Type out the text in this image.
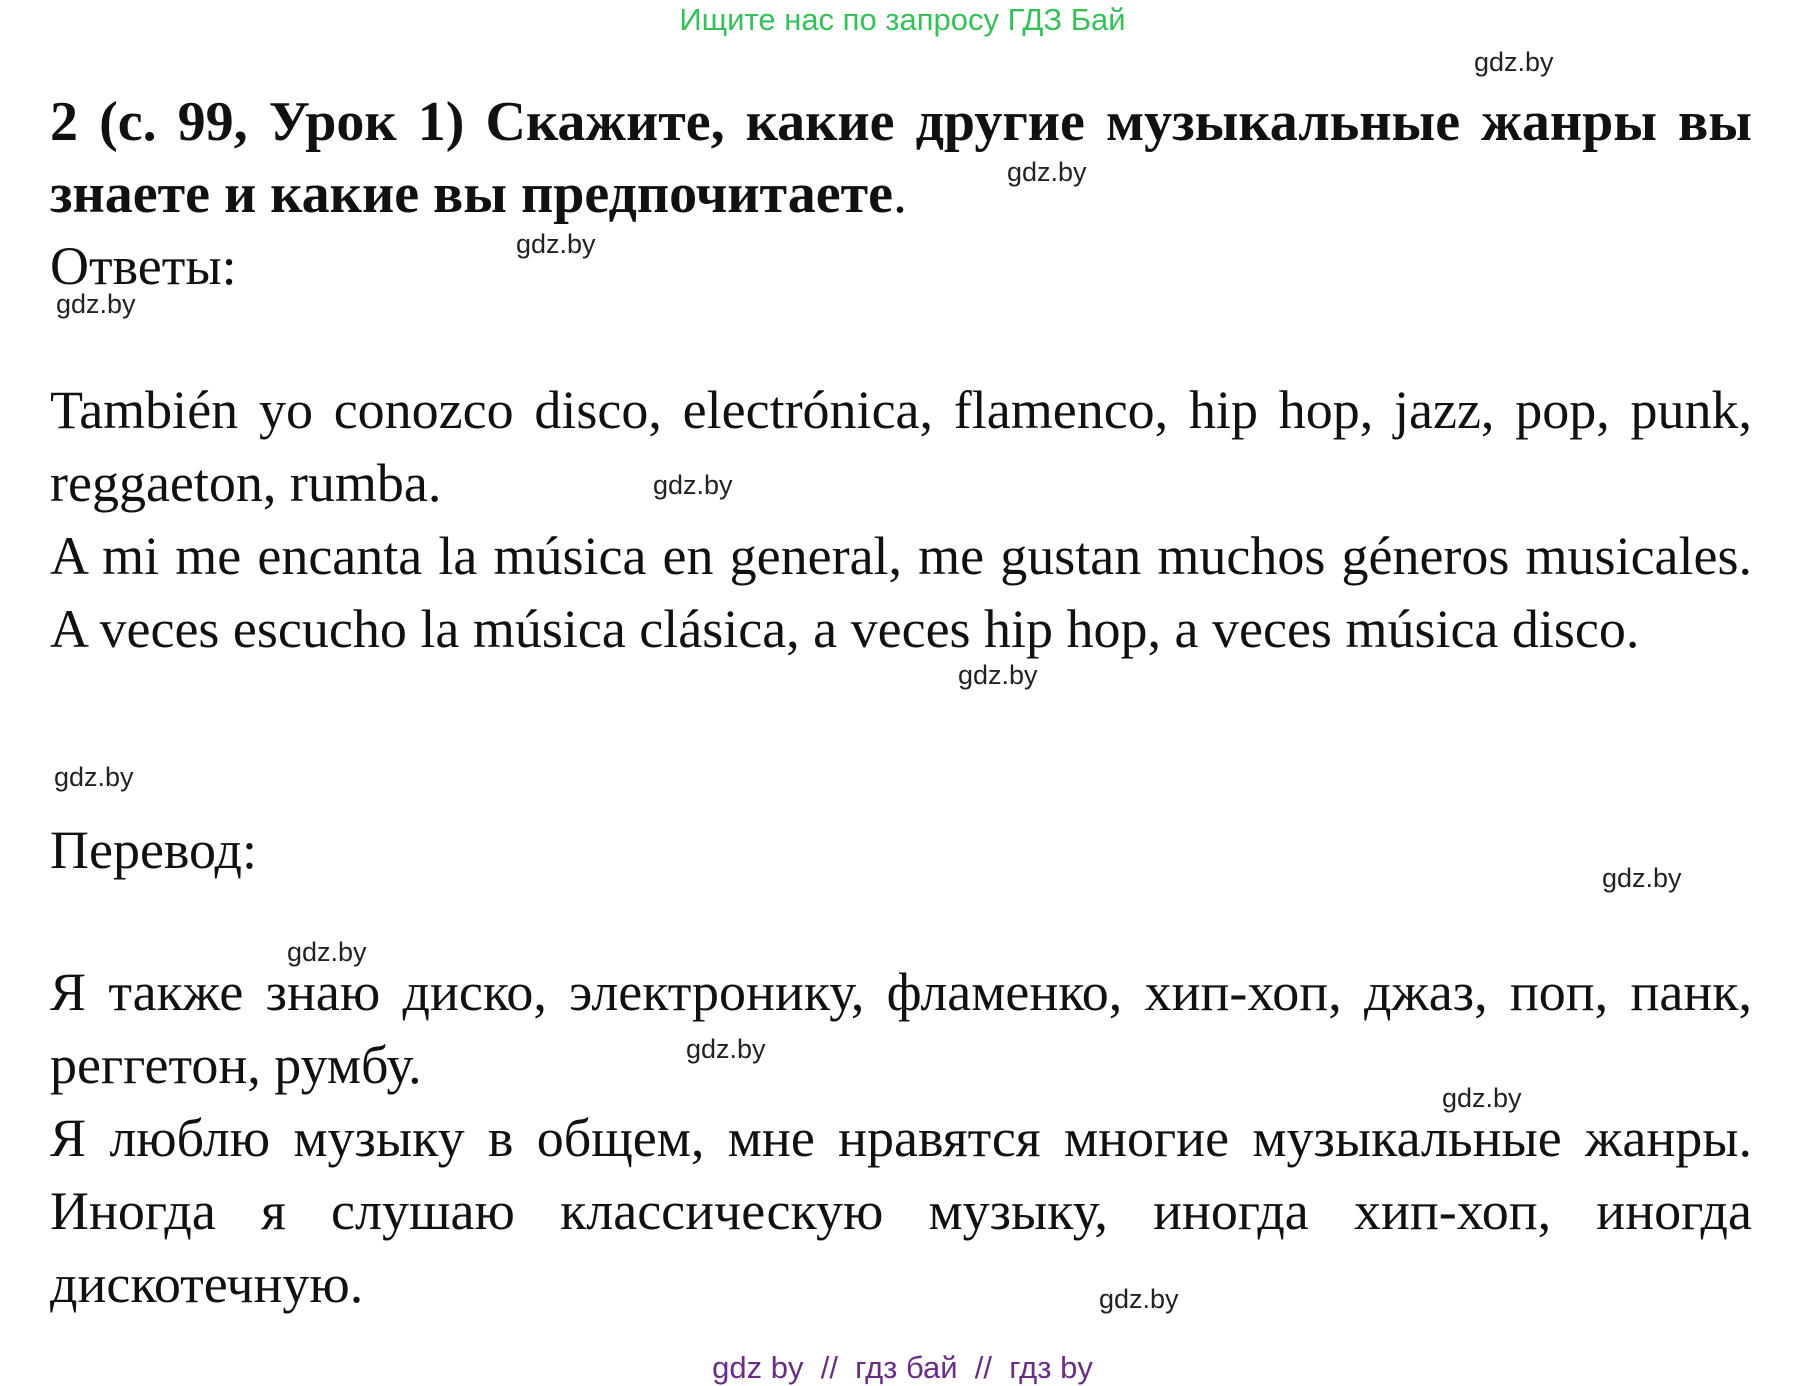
Ищите нас по запросу ГДЗ Бай
2 (с. 99, Урок 1) Скажите, какие другие музыкальные жанры вы знаете и какие вы предпочитаете.
Ответы:

También yo conozco disco, electrónica, flamenco, hip hop, jazz, pop, punk, reggaeton, rumba.

A mi me encanta la música en general, me gustan muchos géneros musicales. A veces escucho la música clásica, a veces hip hop, a veces música disco.

Перевод:

Я также знаю диско, электронику, фламенко, хип-хоп, джаз, поп, панк, реггетон, румбу.

Я люблю музыку в общем, мне нравятся многие музыкальные жанры. Иногда я слушаю классическую музыку, иногда хип-хоп, иногда дискотечную.

gdz.by
gdz.by
gdz.by
gdz.by
gdz.by
gdz.by
gdz.by
gdz.by
gdz.by
gdz.by
gdz.by
gdz.by
gdz by  //  гдз бай  //  гдз by
